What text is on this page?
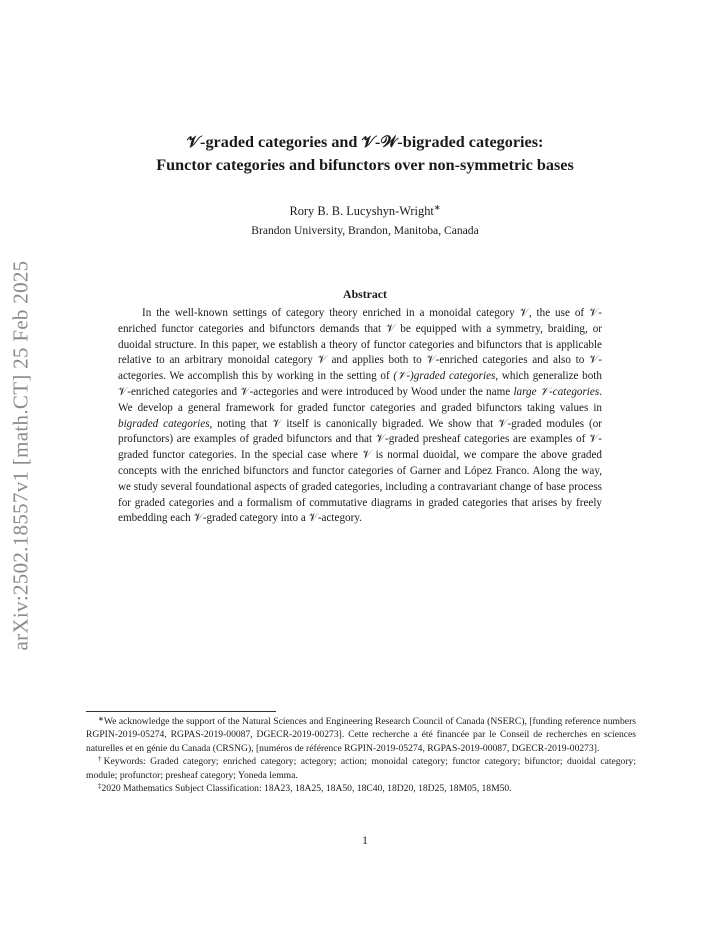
arXiv:2502.18557v1 [math.CT] 25 Feb 2025
𝒱-graded categories and 𝒱-𝒲-bigraded categories:
Functor categories and bifunctors over non-symmetric bases
Rory B. B. Lucyshyn-Wright∗
Brandon University, Brandon, Manitoba, Canada
Abstract
In the well-known settings of category theory enriched in a monoidal category 𝒱, the use of 𝒱-enriched functor categories and bifunctors demands that 𝒱 be equipped with a symmetry, braiding, or duoidal structure. In this paper, we establish a theory of functor categories and bifunctors that is applicable relative to an arbitrary monoidal category 𝒱 and applies both to 𝒱-enriched categories and also to 𝒱-actegories. We accomplish this by working in the setting of (𝒱-)graded categories, which generalize both 𝒱-enriched categories and 𝒱-actegories and were introduced by Wood under the name large 𝒱-categories. We develop a general framework for graded functor categories and graded bifunctors taking values in bigraded categories, noting that 𝒱 itself is canonically bigraded. We show that 𝒱-graded modules (or profunctors) are examples of graded bifunctors and that 𝒱-graded presheaf categories are examples of 𝒱-graded functor categories. In the special case where 𝒱 is normal duoidal, we compare the above graded concepts with the enriched bifunctors and functor categories of Garner and López Franco. Along the way, we study several foundational aspects of graded categories, including a contravariant change of base process for graded categories and a formalism of commutative diagrams in graded categories that arises by freely embedding each 𝒱-graded category into a 𝒱-actegory.

∗We acknowledge the support of the Natural Sciences and Engineering Research Council of Canada (NSERC), [funding reference numbers RGPIN-2019-05274, RGPAS-2019-00087, DGECR-2019-00273]. Cette recherche a été financée par le Conseil de recherches en sciences naturelles et en génie du Canada (CRSNG), [numéros de référence RGPIN-2019-05274, RGPAS-2019-00087, DGECR-2019-00273].

†Keywords: Graded category; enriched category; actegory; action; monoidal category; functor category; bifunctor; duoidal category; module; profunctor; presheaf category; Yoneda lemma.

‡2020 Mathematics Subject Classification: 18A23, 18A25, 18A50, 18C40, 18D20, 18D25, 18M05, 18M50.

1
